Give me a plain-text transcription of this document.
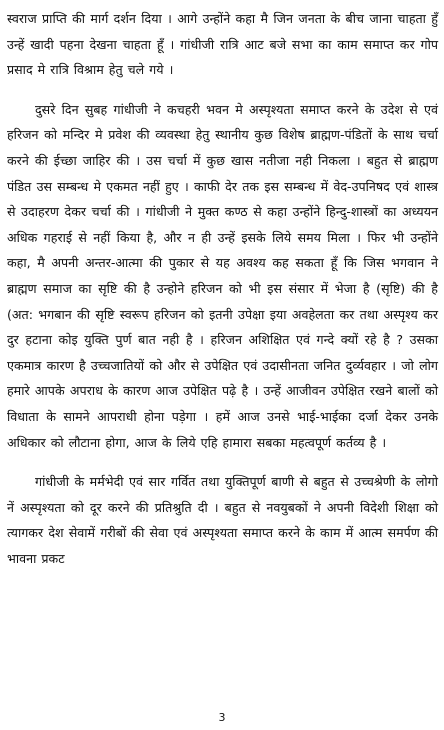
स्वराज प्राप्ति की मार्ग दर्शन दिया । आगे उन्होंने कहा मै जिन जनता के बीच जाना चाहता हुँ उन्हें खादी पहना देखना चाहता हूँ । गांधीजी रात्रि आट बजे सभा का काम समाप्त कर गोप प्रसाद मे रात्रि विश्राम हेतु चले गये ।

दुसरे दिन सुबह गांधीजी ने कचहरी भवन मे अस्पृश्यता समाप्त करने के उदेश से एवं हरिजन को मन्दिर मे प्रवेश की व्यवस्था हेतु स्थानीय कुछ विशेष ब्राह्मण-पंडितों के साथ चर्चा करने की ईच्छा जाहिर की । उस चर्चा में कुछ खास नतीजा नही निकला । बहुत से ब्राह्मण पंडित उस सम्बन्ध मे एकमत नहीं हुए । काफी देर तक इस सम्बन्ध में वेद-उपनिषद एवं शास्त्र से उदाहरण देकर चर्चा की । गांधीजी ने मुक्त कण्ठ से कहा उन्होंने हिन्दु-शास्त्रों का अध्ययन अधिक गहराई से नहीं किया है, और न ही उन्हें इसके लिये समय मिला । फिर भी उन्होंने कहा, मै अपनी अन्तर-आत्मा की पुकार से यह अवश्य कह सकता हूँ कि जिस भगवान ने ब्राह्मण समाज का सृष्टि की है उन्होने हरिजन को भी इस संसार में भेजा है (सृष्टि) की है (अत: भगबान की सृष्टि स्वरूप हरिजन को इतनी उपेक्षा इया अवहेलता कर तथा अस्पृश्य कर दुर हटाना कोइ युक्ति पुर्ण बात नही है । हरिजन अशिक्षित एवं गन्दे क्यों रहे है ? उसका एकमात्र कारण है उच्चजातियों को और से उपेक्षित एवं उदासीनता जनित दुर्व्यवहार । जो लोग हमारे आपके अपराध के कारण आज उपेक्षित पढ़े है । उन्हें आजीवन उपेक्षित रखने बालों को विधाता के सामने आपराधी होना पड़ेगा । हमें आज उनसे भाई-भाईका दर्जा देकर उनके अधिकार को लौटाना होगा, आज के लिये एहि हामारा सबका महत्वपूर्ण कर्तव्य है ।

गांधीजी के मर्मभेदी एवं सार गर्वित तथा युक्तिपूर्ण बाणी से बहुत से उच्चश्रेणी के लोगो नें अस्पृश्यता को दूर करने की प्रतिश्रुति दी । बहुत से नवयुबकों ने अपनी विदेशी शिक्षा को त्यागकर देश सेवामें गरीबों की सेवा एवं अस्पृश्यता समाप्त करने के काम में आत्म समर्पण की भावना प्रकट

3
